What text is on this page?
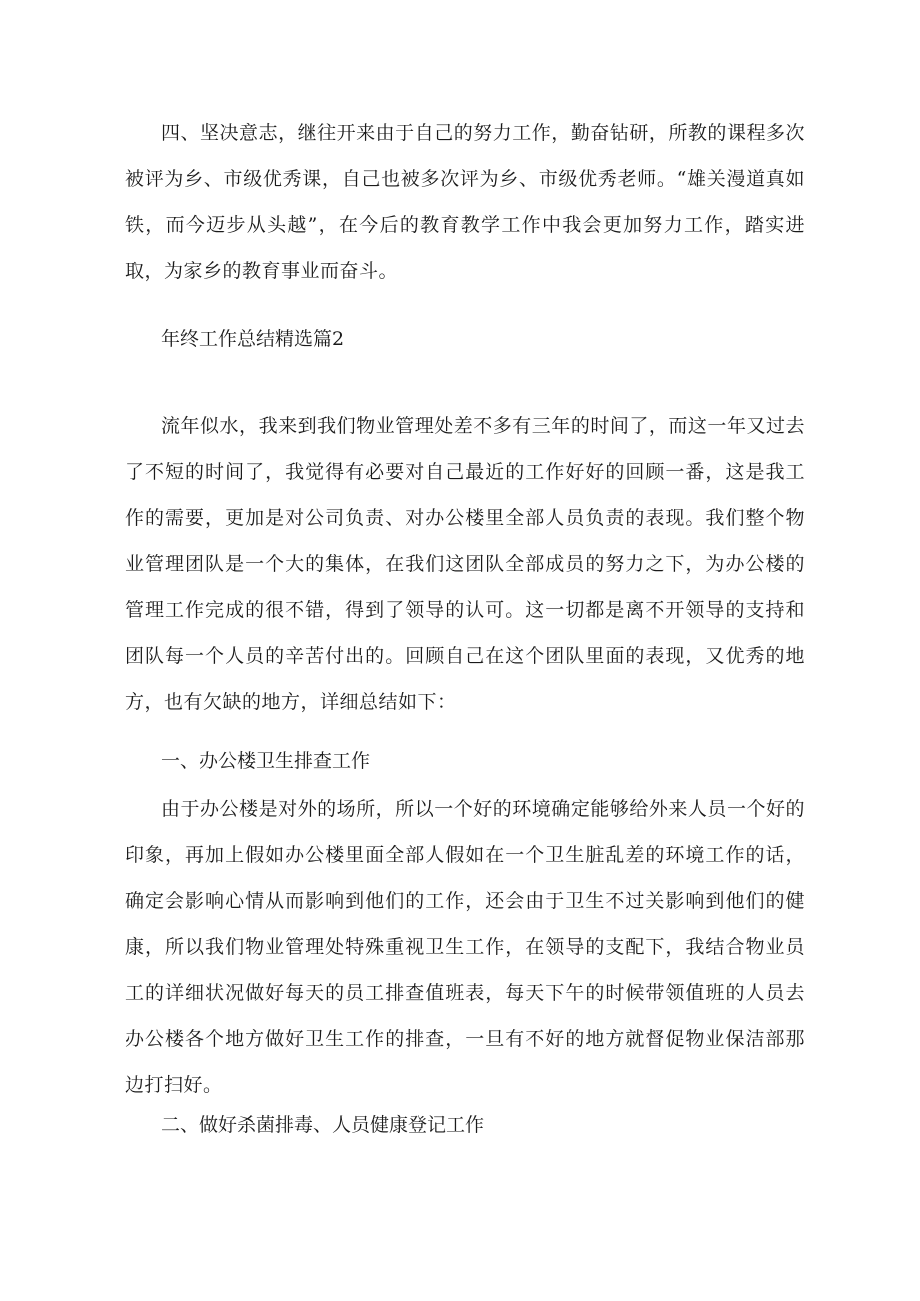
四、坚决意志，继往开来由于自己的努力工作，勤奋钻研，所教的课程多次被评为乡、市级优秀课，自己也被多次评为乡、市级优秀老师。“雄关漫道真如铁，而今迈步从头越”，在今后的教育教学工作中我会更加努力工作，踏实进取，为家乡的教育事业而奋斗。

年终工作总结精选篇2

流年似水，我来到我们物业管理处差不多有三年的时间了，而这一年又过去了不短的时间了，我觉得有必要对自己最近的工作好好的回顾一番，这是我工作的需要，更加是对公司负责、对办公楼里全部人员负责的表现。我们整个物业管理团队是一个大的集体，在我们这团队全部成员的努力之下，为办公楼的管理工作完成的很不错，得到了领导的认可。这一切都是离不开领导的支持和团队每一个人员的辛苦付出的。回顾自己在这个团队里面的表现，又优秀的地方，也有欠缺的地方，详细总结如下：

一、办公楼卫生排查工作

由于办公楼是对外的场所，所以一个好的环境确定能够给外来人员一个好的印象，再加上假如办公楼里面全部人假如在一个卫生脏乱差的环境工作的话，确定会影响心情从而影响到他们的工作，还会由于卫生不过关影响到他们的健康，所以我们物业管理处特殊重视卫生工作，在领导的支配下，我结合物业员工的详细状况做好每天的员工排查值班表，每天下午的时候带领值班的人员去办公楼各个地方做好卫生工作的排查，一旦有不好的地方就督促物业保洁部那边打扫好。

二、做好杀菌排毒、人员健康登记工作
